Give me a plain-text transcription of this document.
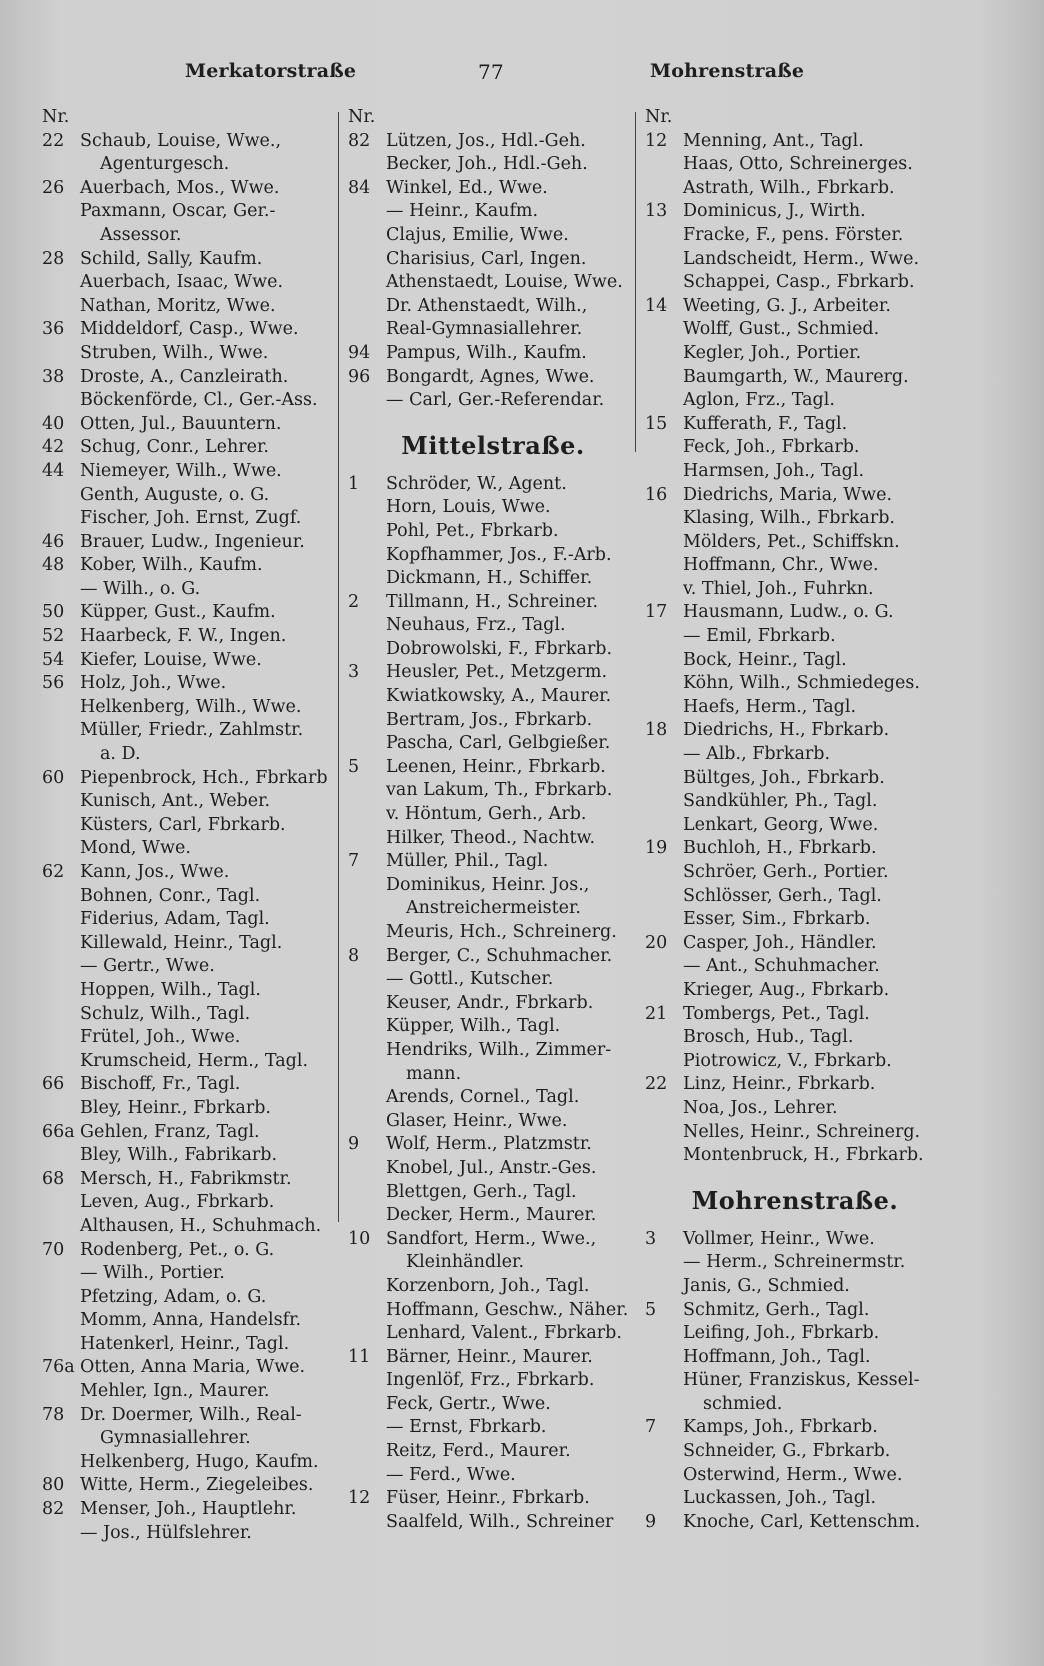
Merkatorstraße	77	Mohrenstraße
Nr.
22 Schaub, Louise, Wwe.,
Agenturgesch.
26 Auerbach, Mos., Wwe.
Paxmann, Oscar, Ger.-
Assessor.
28 Schild, Sally, Kaufm.
Auerbach, Isaac, Wwe.
Nathan, Moritz, Wwe.
36 Middeldorf, Casp., Wwe.
Struben, Wilh., Wwe.
38 Droste, A., Canzleirath.
Böckenförde, Cl., Ger.-Ass.
40 Otten, Jul., Bauuntern.
42 Schug, Conr., Lehrer.
44 Niemeyer, Wilh., Wwe.
Genth, Auguste, o. G.
Fischer, Joh. Ernst, Zugf.
46 Brauer, Ludw., Ingenieur.
48 Kober, Wilh., Kaufm.
— Wilh., o. G.
50 Küpper, Gust., Kaufm.
52 Haarbeck, F. W., Ingen.
54 Kiefer, Louise, Wwe.
56 Holz, Joh., Wwe.
Helkenberg, Wilh., Wwe.
Müller, Friedr., Zahlmstr.
a. D.
60 Piepenbrock, Hch., Fbrkarb
Kunisch, Ant., Weber.
Küsters, Carl, Fbrkarb.
Mond, Wwe.
62 Kann, Jos., Wwe.
Bohnen, Conr., Tagl.
Fiderius, Adam, Tagl.
Killewald, Heinr., Tagl.
— Gertr., Wwe.
Hoppen, Wilh., Tagl.
Schulz, Wilh., Tagl.
Frütel, Joh., Wwe.
Krumscheid, Herm., Tagl.
66 Bischoff, Fr., Tagl.
Bley, Heinr., Fbrkarb.
66a Gehlen, Franz, Tagl.
Bley, Wilh., Fabrikarb.
68 Mersch, H., Fabrikmstr.
Leven, Aug., Fbrkarb.
Althausen, H., Schuhmach.
70 Rodenberg, Pet., o. G.
— Wilh., Portier.
Pfetzing, Adam, o. G.
Momm, Anna, Handelsfr.
Hatenkerl, Heinr., Tagl.
76a Otten, Anna Maria, Wwe.
Mehler, Ign., Maurer.
78 Dr. Doermer, Wilh., Real-
Gymnasiallehrer.
Helkenberg, Hugo, Kaufm.
80 Witte, Herm., Ziegeleibes.
82 Menser, Joh., Hauptlehr.
— Jos., Hülfslehrer.
Nr.
82 Lützen, Jos., Hdl.-Geh.
Becker, Joh., Hdl.-Geh.
84 Winkel, Ed., Wwe.
— Heinr., Kaufm.
Clajus, Emilie, Wwe.
Charisius, Carl, Ingen.
Athenstaedt, Louise, Wwe.
Dr. Athenstaedt, Wilh.,
Real-Gymnasiallehrer.
94 Pampus, Wilh., Kaufm.
96 Bongardt, Agnes, Wwe.
— Carl, Ger.-Referendar.
Mittelstraße.
1	Schröder, W., Agent.
Horn, Louis, Wwe.
Pohl, Pet., Fbrkarb.
Kopfhammer, Jos., F.-Arb.
Dickmann, H., Schiffer.
2	Tillmann, H., Schreiner.
Neuhaus, Frz., Tagl.
Dobrowolski, F., Fbrkarb.
3	Heusler, Pet., Metzgerm.
Kwiatkowsky, A., Maurer.
Bertram, Jos., Fbrkarb.
Pascha, Carl, Gelbgießer.
5	Leenen, Heinr., Fbrkarb.
van Lakum, Th., Fbrkarb.
v. Höntum, Gerh., Arb.
Hilker, Theod., Nachtw.
7	Müller, Phil., Tagl.
Dominikus, Heinr. Jos.,
Anstreichermeister.
Meuris, Hch., Schreinerg.
8	Berger, C., Schuhmacher.
— Gottl., Kutscher.
Keuser, Andr., Fbrkarb.
Küpper, Wilh., Tagl.
Hendriks, Wilh., Zimmer-
mann.
Arends, Cornel., Tagl.
Glaser, Heinr., Wwe.
9	Wolf, Herm., Platzmstr.
Knobel, Jul., Anstr.-Ges.
Blettgen, Gerh., Tagl.
Decker, Herm., Maurer.
10 Sandfort, Herm., Wwe.,
Kleinhändler.
Korzenborn, Joh., Tagl.
Hoffmann, Geschw., Näher.
Lenhard, Valent., Fbrkarb.
11 Bärner, Heinr., Maurer.
Ingenlöf, Frz., Fbrkarb.
Feck, Gertr., Wwe.
— Ernst, Fbrkarb.
Reitz, Ferd., Maurer.
— Ferd., Wwe.
12 Füser, Heinr., Fbrkarb.
Saalfeld, Wilh., Schreiner
Nr.
12 Menning, Ant., Tagl.
Haas, Otto, Schreinerges.
Astrath, Wilh., Fbrkarb.
13 Dominicus, J., Wirth.
Fracke, F., pens. Förster.
Landscheidt, Herm., Wwe.
Schappei, Casp., Fbrkarb.
14 Weeting, G. J., Arbeiter.
Wolff, Gust., Schmied.
Kegler, Joh., Portier.
Baumgarth, W., Maurerg.
Aglon, Frz., Tagl.
15 Kufferath, F., Tagl.
Feck, Joh., Fbrkarb.
Harmsen, Joh., Tagl.
16 Diedrichs, Maria, Wwe.
Klasing, Wilh., Fbrkarb.
Mölders, Pet., Schiffskn.
Hoffmann, Chr., Wwe.
v. Thiel, Joh., Fuhrkn.
17 Hausmann, Ludw., o. G.
— Emil, Fbrkarb.
Bock, Heinr., Tagl.
Köhn, Wilh., Schmiedeges.
Haefs, Herm., Tagl.
18 Diedrichs, H., Fbrkarb.
— Alb., Fbrkarb.
Bültges, Joh., Fbrkarb.
Sandkühler, Ph., Tagl.
Lenkart, Georg, Wwe.
19 Buchloh, H., Fbrkarb.
Schröer, Gerh., Portier.
Schlösser, Gerh., Tagl.
Esser, Sim., Fbrkarb.
20 Casper, Joh., Händler.
— Ant., Schuhmacher.
Krieger, Aug., Fbrkarb.
21 Tombergs, Pet., Tagl.
Brosch, Hub., Tagl.
Piotrowicz, V., Fbrkarb.
22 Linz, Heinr., Fbrkarb.
Noa, Jos., Lehrer.
Nelles, Heinr., Schreinerg.
Montenbruck, H., Fbrkarb.
Mohrenstraße.
3	Vollmer, Heinr., Wwe.
— Herm., Schreinermstr.
Janis, G., Schmied.
5	Schmitz, Gerh., Tagl.
Leifing, Joh., Fbrkarb.
Hoffmann, Joh., Tagl.
Hüner, Franziskus, Kessel-
schmied.
7	Kamps, Joh., Fbrkarb.
Schneider, G., Fbrkarb.
Osterwind, Herm., Wwe.
Luckassen, Joh., Tagl.
9	Knoche, Carl, Kettenschm.
